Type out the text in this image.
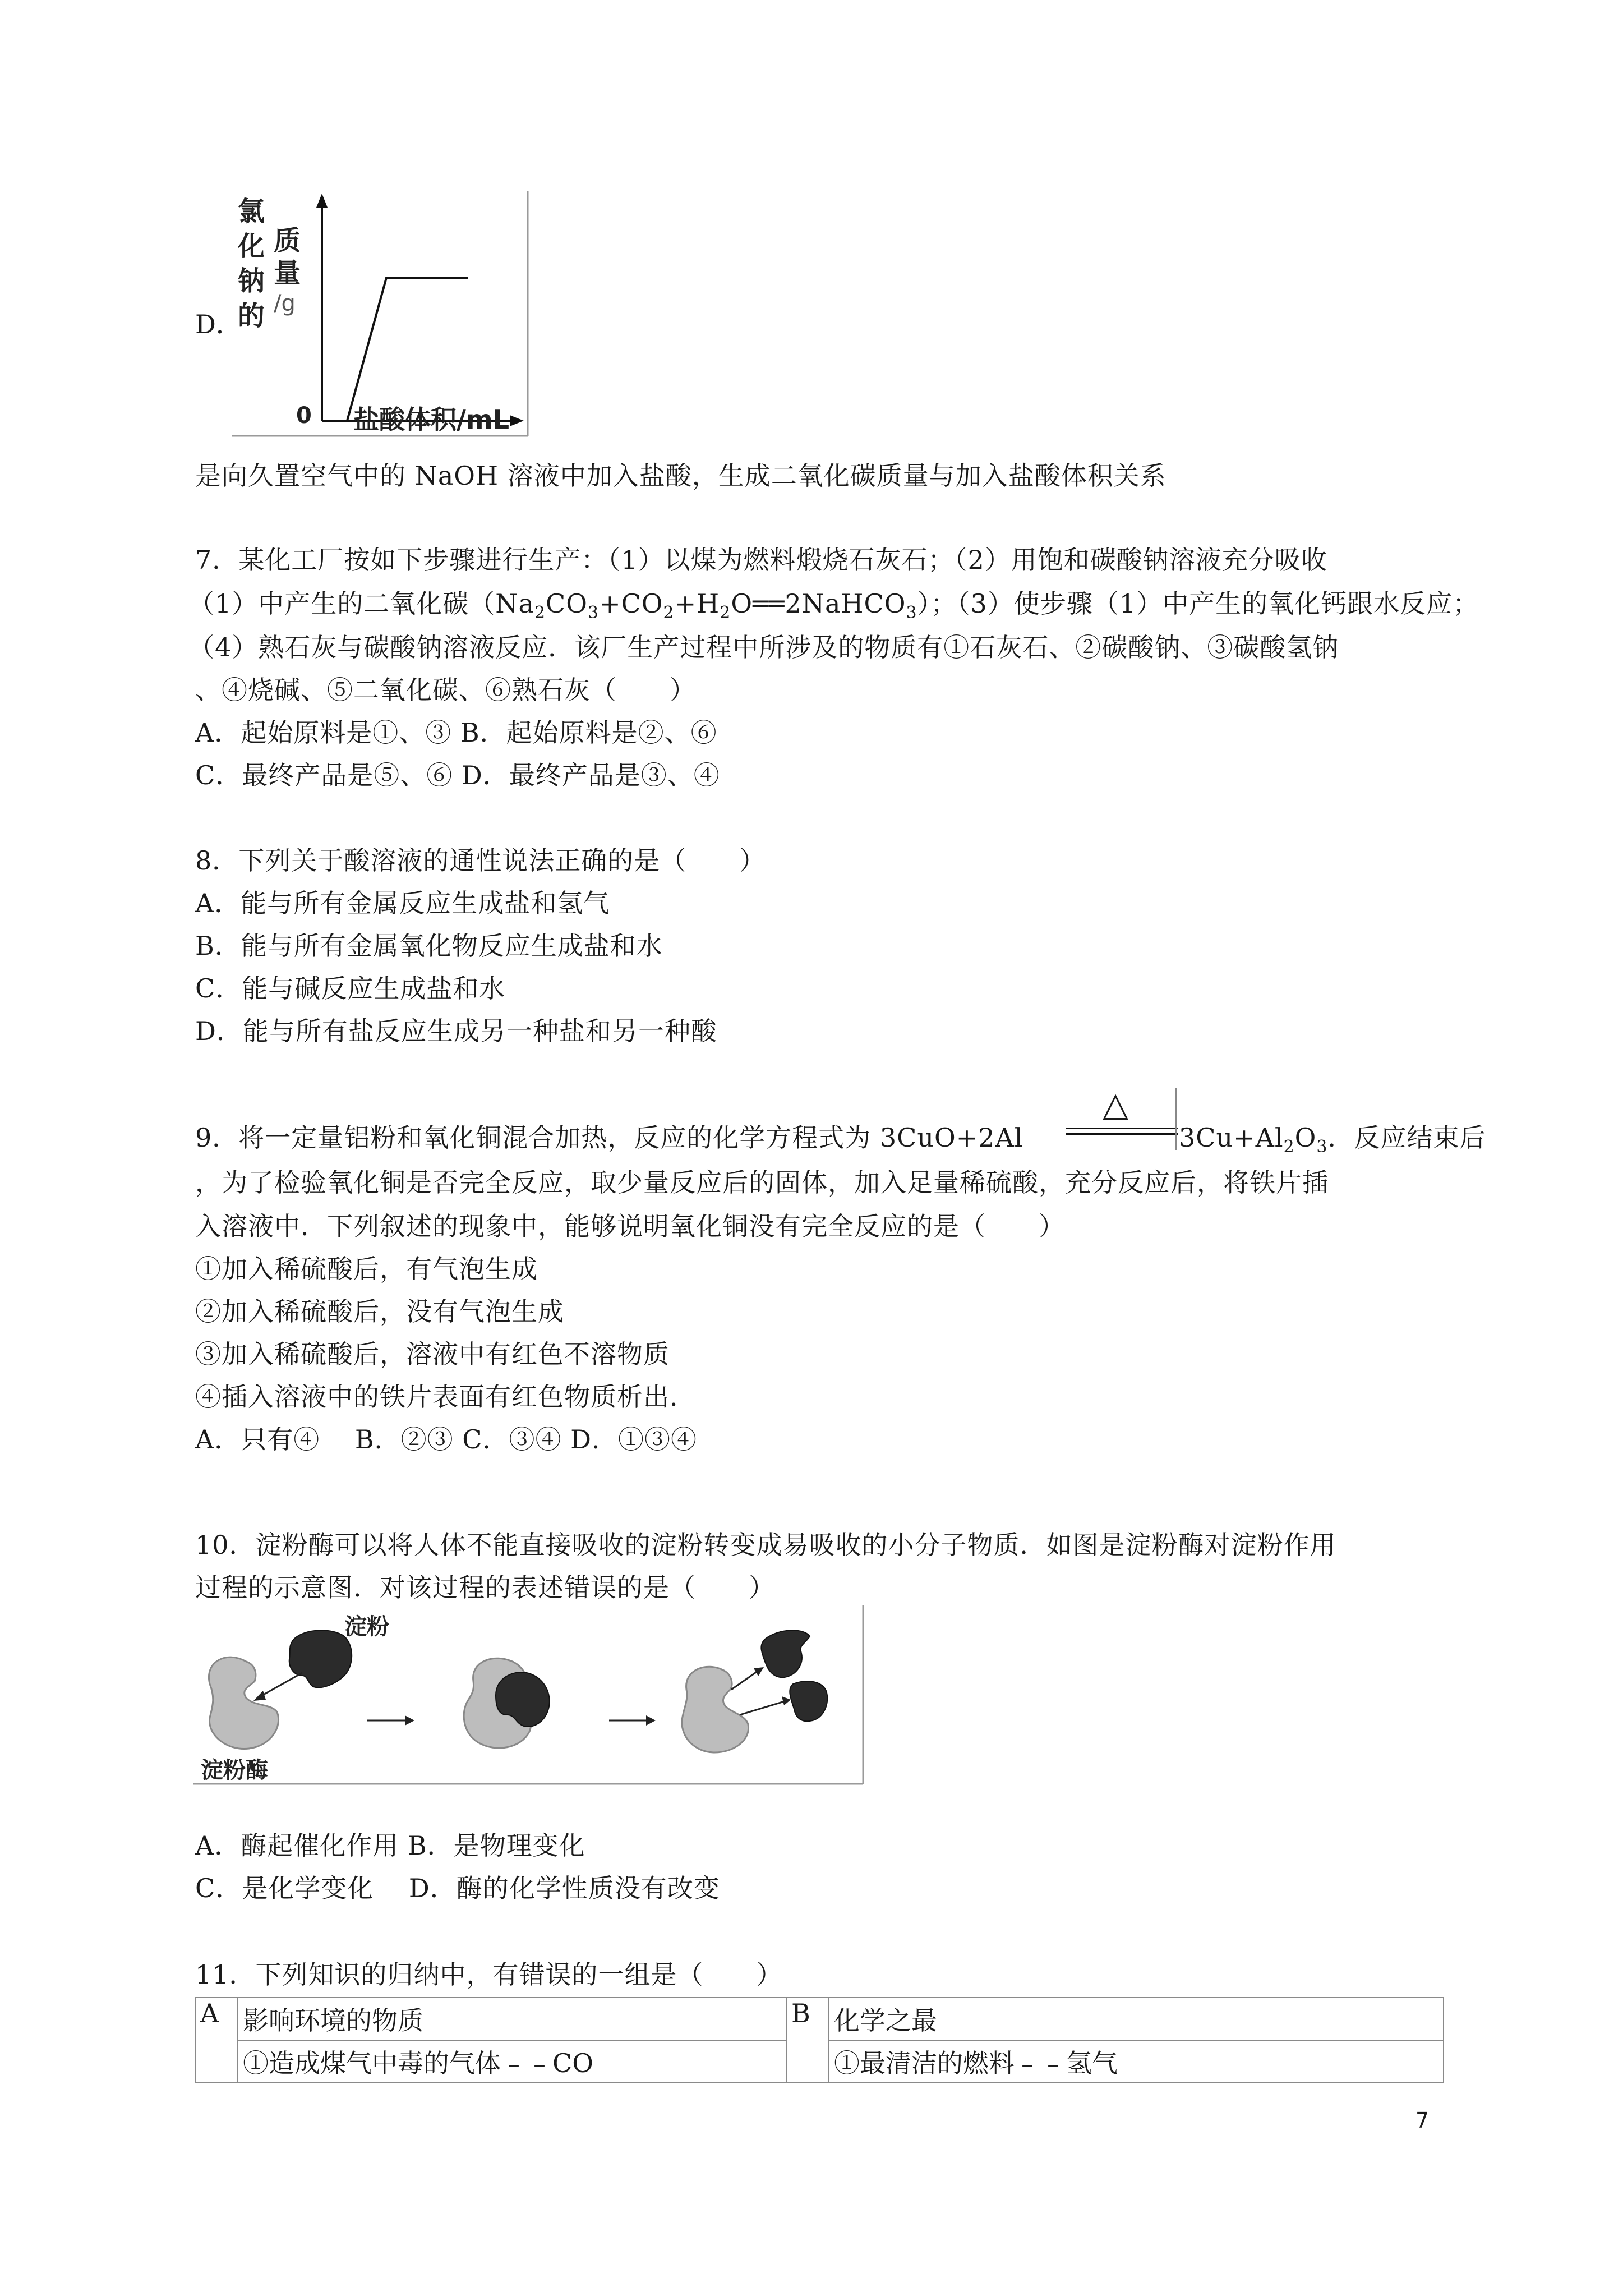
D．
氯
化
钠
的
质
量
/g
0 盐酸体积/mL
是向久置空气中的 NaOH 溶液中加入盐酸，生成二氧化碳质量与加入盐酸体积关系
7．某化工厂按如下步骤进行生产：（1）以煤为燃料煅烧石灰石；（2）用饱和碳酸钠溶液充分吸收
（1）中产生的二氧化碳$(Na_2CO_3+CO_2+H_2O══2NaHCO_3)$；（3）使步骤（1）中产生的氧化钙跟水反应；
（4）熟石灰与碳酸钠溶液反应．该厂生产过程中所涉及的物质有①石灰石、②碳酸钠、③碳酸氢钠
、④烧碱、⑤二氧化碳、⑥熟石灰（　　）
A．起始原料是①、③ B．起始原料是②、⑥
C．最终产品是⑤、⑥ D．最终产品是③、④
8．下列关于酸溶液的通性说法正确的是（　　）
A．能与所有金属反应生成盐和氢气
B．能与所有金属氧化物反应生成盐和水
C．能与碱反应生成盐和水
D．能与所有盐反应生成另一种盐和另一种酸
9．将一定量铝粉和氧化铜混合加热，反应的化学方程式为 3CuO+2Al
△
$3Cu+Al_2O_3$．反应结束后
，为了检验氧化铜是否完全反应，取少量反应后的固体，加入足量稀硫酸，充分反应后，将铁片插
入溶液中．下列叙述的现象中，能够说明氧化铜没有完全反应的是（　　）
①加入稀硫酸后，有气泡生成
②加入稀硫酸后，没有气泡生成
③加入稀硫酸后，溶液中有红色不溶物质
④插入溶液中的铁片表面有红色物质析出．
A．只有④　 B．②③ C．③④ D．①③④
10．淀粉酶可以将人体不能直接吸收的淀粉转变成易吸收的小分子物质．如图是淀粉酶对淀粉作用
过程的示意图．对该过程的表述错误的是（　　）
淀粉
淀粉酶
A．酶起催化作用 B．是物理变化
C．是化学变化　 D．酶的化学性质没有改变
11．下列知识的归纳中，有错误的一组是（　　）
A	影响环境的物质	B	化学之最
	①造成煤气中毒的气体﹣﹣CO		①最清洁的燃料﹣﹣氢气
7
